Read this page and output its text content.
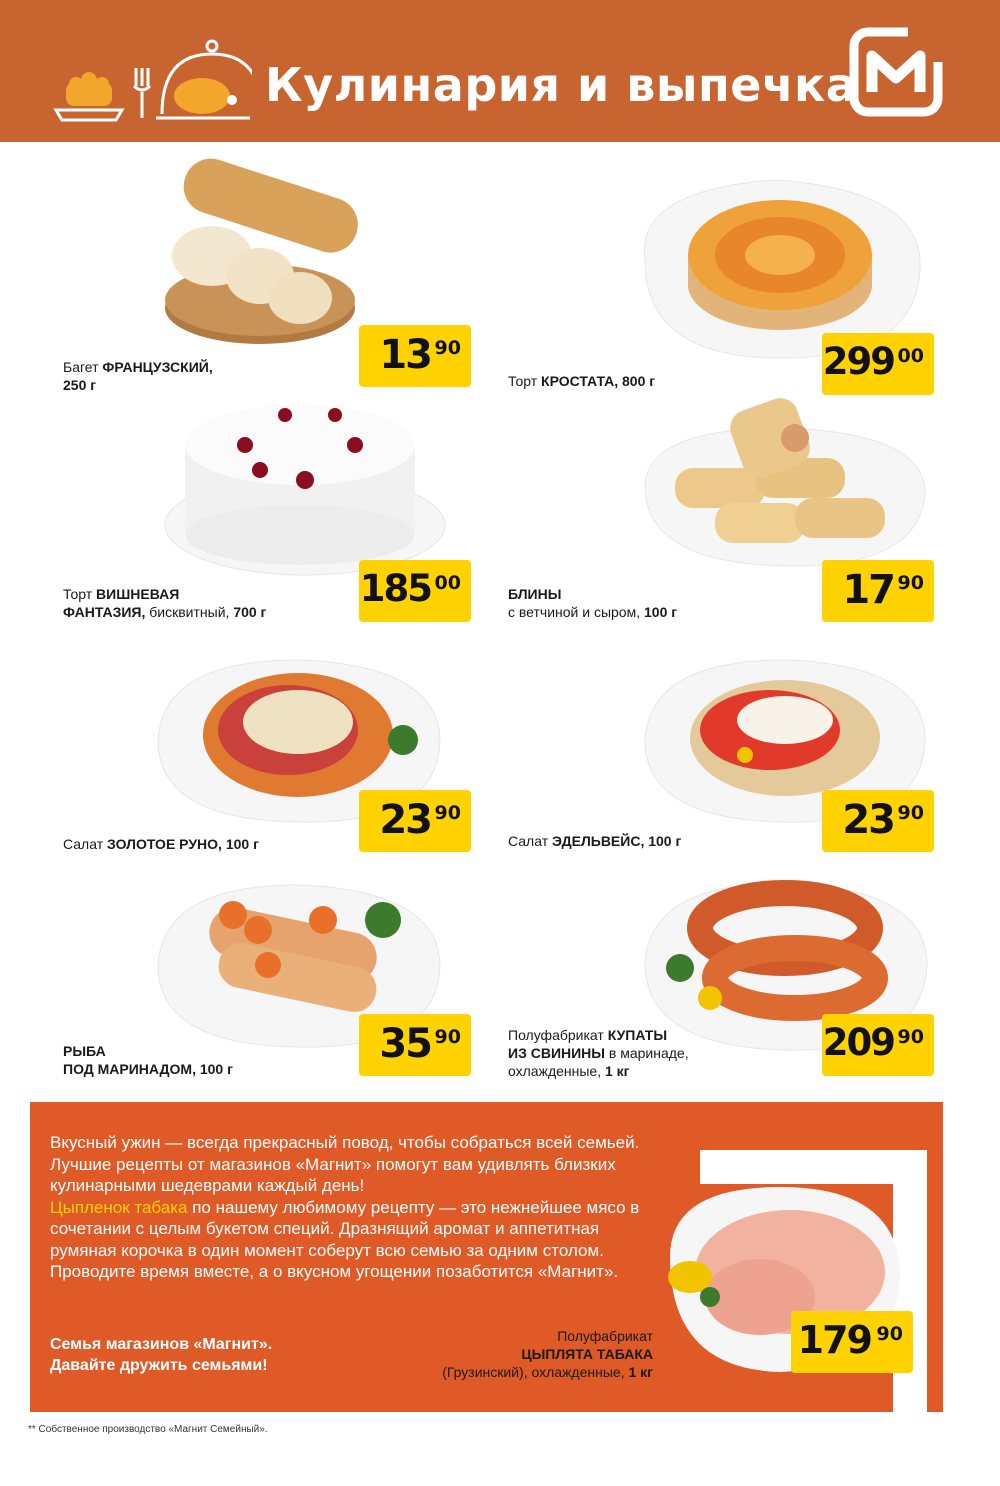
Кулинария и выпечка
Багет ФРАНЦУЗСКИЙ,
250 г
13 90
Торт КРОСТАТА, 800 г	299 00
Торт ВИШНЕВАЯ
ФАНТАЗИЯ, бисквитный, 700 г
185 00	БЛИНЫ
с ветчиной и сыром, 100 г	17 90
Салат ЗОЛОТОЕ РУНО, 100 г
23 90
Салат ЭДЕЛЬВЕЙС, 100 г	23 90
РЫБА
ПОД МАРИНАДОМ, 100 г
35 90	Полуфабрикат КУПАТЫ
ИЗ СВИНИНЫ в маринаде,
охлажденные, 1 кг
209 90
Вкусный ужин — всегда прекрасный повод, чтобы собраться всей семьей. Лучшие рецепты от магазинов «Магнит» помогут вам удивлять близких кулинарными шедеврами каждый день!
Цыпленок табака по нашему любимому рецепту — это нежнейшее мясо в сочетании с целым букетом специй. Дразнящий аромат и аппетитная румяная корочка в один момент соберут всю семью за одним столом.
Проводите время вместе, а о вкусном угощении позаботится «Магнит».
Семья магазинов «Магнит».
Давайте дружить семьями!
Полуфабрикат
ЦЫПЛЯТА ТАБАКА
(Грузинский), охлажденные, 1 кг
179 90
** Собственное производство «Магнит Семейный».
